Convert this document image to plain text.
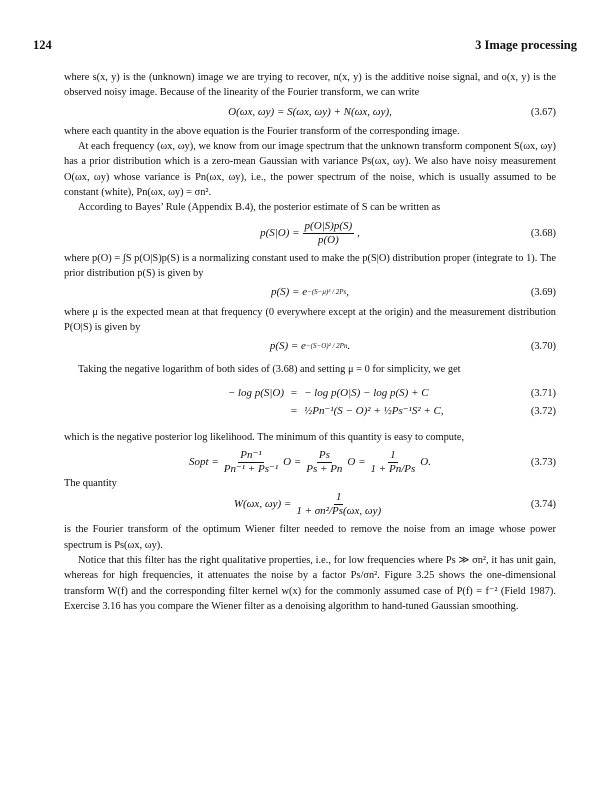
124	3 Image processing

where s(x, y) is the (unknown) image we are trying to recover, n(x, y) is the additive noise signal, and o(x, y) is the observed noisy image. Because of the linearity of the Fourier transform, we can write

O(ωx, ωy) = S(ωx, ωy) + N(ωx, ωy),	(3.67)

where each quantity in the above equation is the Fourier transform of the corresponding image.

At each frequency (ωx, ωy), we know from our image spectrum that the unknown transform component S(ωx, ωy) has a prior distribution which is a zero-mean Gaussian with variance Ps(ωx, ωy). We also have noisy measurement O(ωx, ωy) whose variance is Pn(ωx, ωy), i.e., the power spectrum of the noise, which is usually assumed to be constant (white), Pn(ωx, ωy) = σn².

According to Bayes’ Rule (Appendix B.4), the posterior estimate of S can be written as

$p(S|O) = \frac{p(O|S)p(S)}{p(O)}$ ,	(3.68)

where p(O) = ∫S p(O|S)p(S) is a normalizing constant used to make the p(S|O) distribution proper (integrate to 1). The prior distribution p(S) is given by

p(S) = e −(S−μ)² / 2Ps ,	(3.69)

where μ is the expected mean at that frequency (0 everywhere except at the origin) and the measurement distribution P(O|S) is given by

p(S) = e −(S−O)² / 2Pn .	(3.70)

Taking the negative logarithm of both sides of (3.68) and setting μ = 0 for simplicity, we get

− log p(S|O) = − log p(O|S) − log p(S) + C	(3.71)
= ½Pn⁻¹(S − O)² + ½Ps⁻¹S² + C,	(3.72)

which is the negative posterior log likelihood. The minimum of this quantity is easy to compute,

Sopt = $\frac{\text{Pn⁻¹}}{\text{Pn⁻¹ + Ps⁻¹}}$ $O = \frac{Ps}{Ps + Pn}$ $O = \frac{1}{1 + Pn/Ps} O$.	(3.73)

The quantity

W(ωx, $\omega y) = \frac{1}{\text{1 + σn²/Ps(ωx, ωy)}}$	(3.74)

is the Fourier transform of the optimum Wiener filter needed to remove the noise from an image whose power spectrum is Ps(ωx, ωy).

Notice that this filter has the right qualitative properties, i.e., for low frequencies where Ps ≫ σn², it has unit gain, whereas for high frequencies, it attenuates the noise by a factor Ps/σn². Figure 3.25 shows the one-dimensional transform W(f) and the corresponding filter kernel w(x) for the commonly assumed case of P(f) = f⁻² (Field 1987). Exercise 3.16 has you compare the Wiener filter as a denoising algorithm to hand-tuned Gaussian smoothing.
